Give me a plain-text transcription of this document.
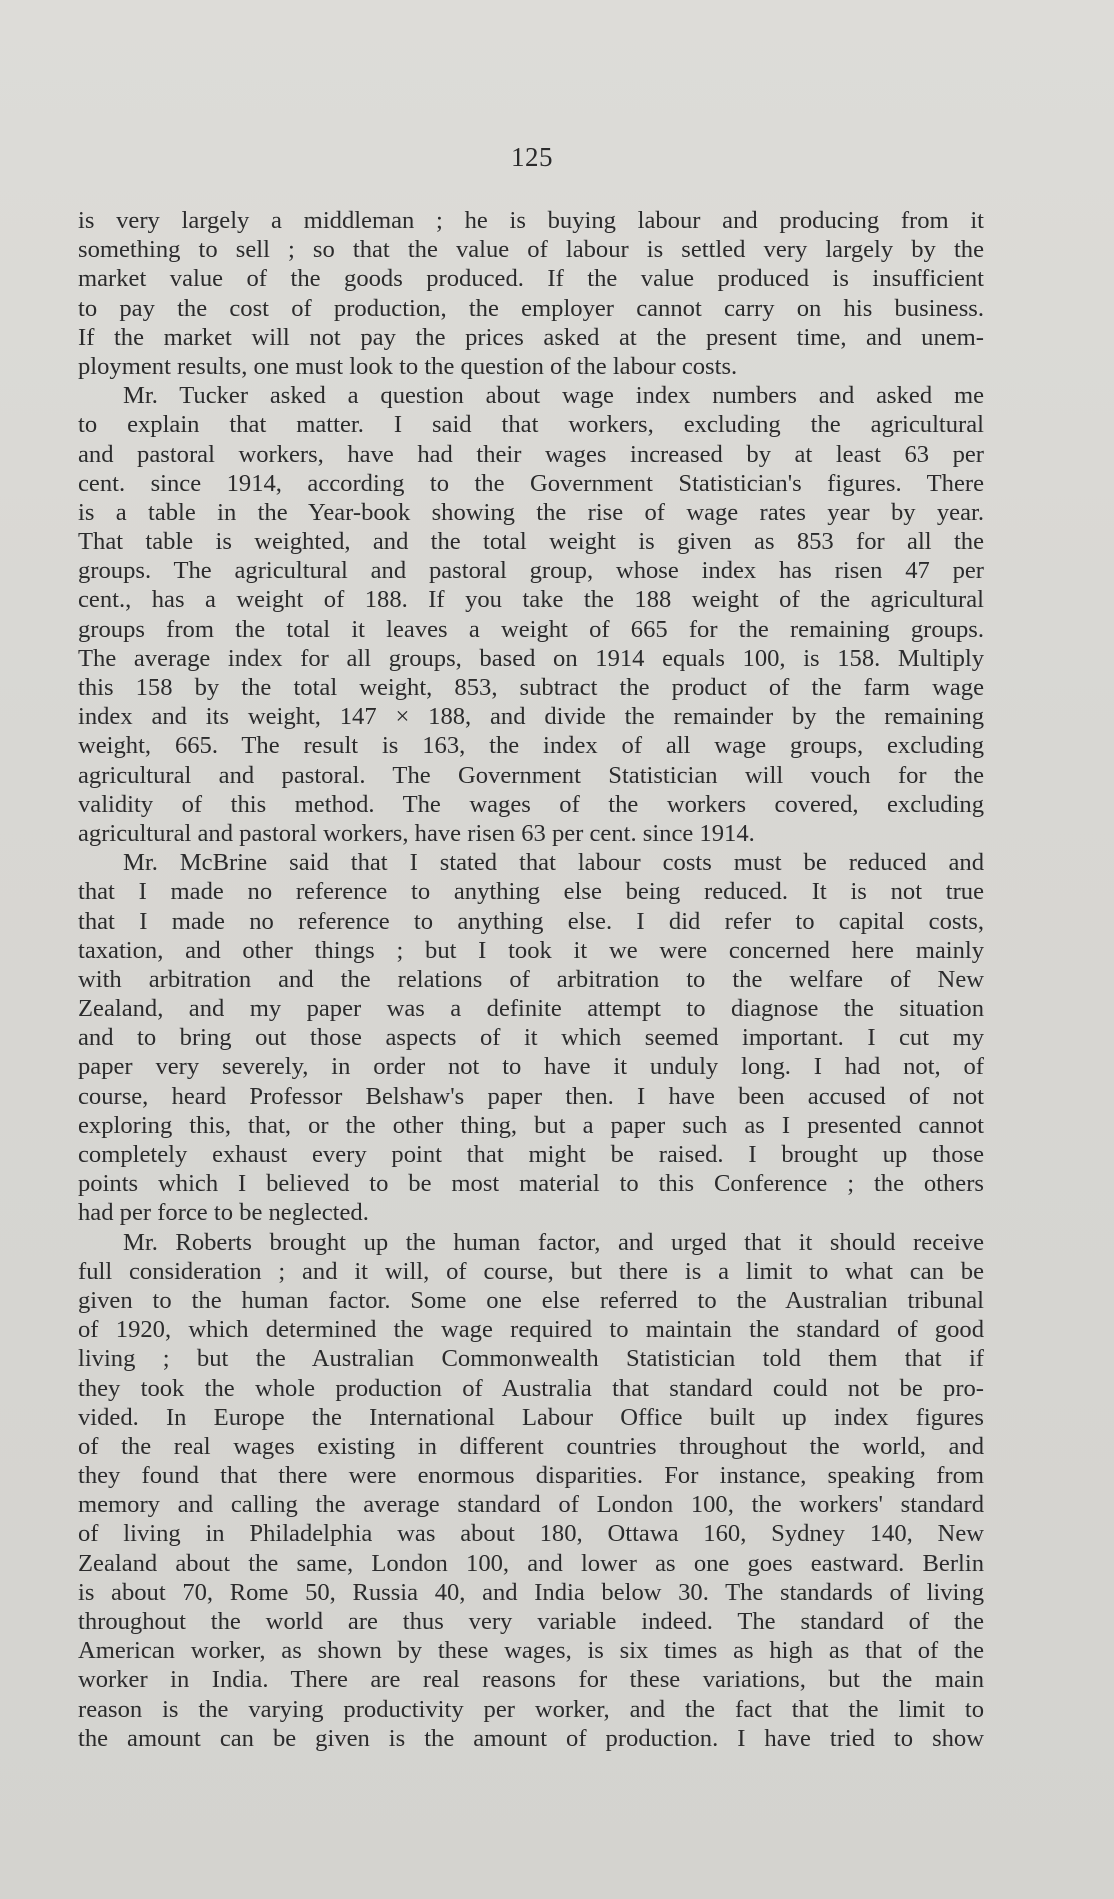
125
is very largely a middleman ; he is buying labour and producing from it
something to sell ; so that the value of labour is settled very largely by the
market value of the goods produced. If the value produced is insufficient
to pay the cost of production, the employer cannot carry on his business.
If the market will not pay the prices asked at the present time, and unem-
ployment results, one must look to the question of the labour costs.
Mr. Tucker asked a question about wage index numbers and asked me
to explain that matter. I said that workers, excluding the agricultural
and pastoral workers, have had their wages increased by at least 63 per
cent. since 1914, according to the Government Statistician's figures. There
is a table in the Year-book showing the rise of wage rates year by year.
That table is weighted, and the total weight is given as 853 for all the
groups. The agricultural and pastoral group, whose index has risen 47 per
cent., has a weight of 188. If you take the 188 weight of the agricultural
groups from the total it leaves a weight of 665 for the remaining groups.
The average index for all groups, based on 1914 equals 100, is 158. Multiply
this 158 by the total weight, 853, subtract the product of the farm wage
index and its weight, 147 × 188, and divide the remainder by the remaining
weight, 665. The result is 163, the index of all wage groups, excluding
agricultural and pastoral. The Government Statistician will vouch for the
validity of this method. The wages of the workers covered, excluding
agricultural and pastoral workers, have risen 63 per cent. since 1914.
Mr. McBrine said that I stated that labour costs must be reduced and
that I made no reference to anything else being reduced. It is not true
that I made no reference to anything else. I did refer to capital costs,
taxation, and other things ; but I took it we were concerned here mainly
with arbitration and the relations of arbitration to the welfare of New
Zealand, and my paper was a definite attempt to diagnose the situation
and to bring out those aspects of it which seemed important. I cut my
paper very severely, in order not to have it unduly long. I had not, of
course, heard Professor Belshaw's paper then. I have been accused of not
exploring this, that, or the other thing, but a paper such as I presented cannot
completely exhaust every point that might be raised. I brought up those
points which I believed to be most material to this Conference ; the others
had per force to be neglected.
Mr. Roberts brought up the human factor, and urged that it should receive
full consideration ; and it will, of course, but there is a limit to what can be
given to the human factor. Some one else referred to the Australian tribunal
of 1920, which determined the wage required to maintain the standard of good
living ; but the Australian Commonwealth Statistician told them that if
they took the whole production of Australia that standard could not be pro-
vided. In Europe the International Labour Office built up index figures
of the real wages existing in different countries throughout the world, and
they found that there were enormous disparities. For instance, speaking from
memory and calling the average standard of London 100, the workers' standard
of living in Philadelphia was about 180, Ottawa 160, Sydney 140, New
Zealand about the same, London 100, and lower as one goes eastward. Berlin
is about 70, Rome 50, Russia 40, and India below 30. The standards of living
throughout the world are thus very variable indeed. The standard of the
American worker, as shown by these wages, is six times as high as that of the
worker in India. There are real reasons for these variations, but the main
reason is the varying productivity per worker, and the fact that the limit to
the amount can be given is the amount of production. I have tried to show
